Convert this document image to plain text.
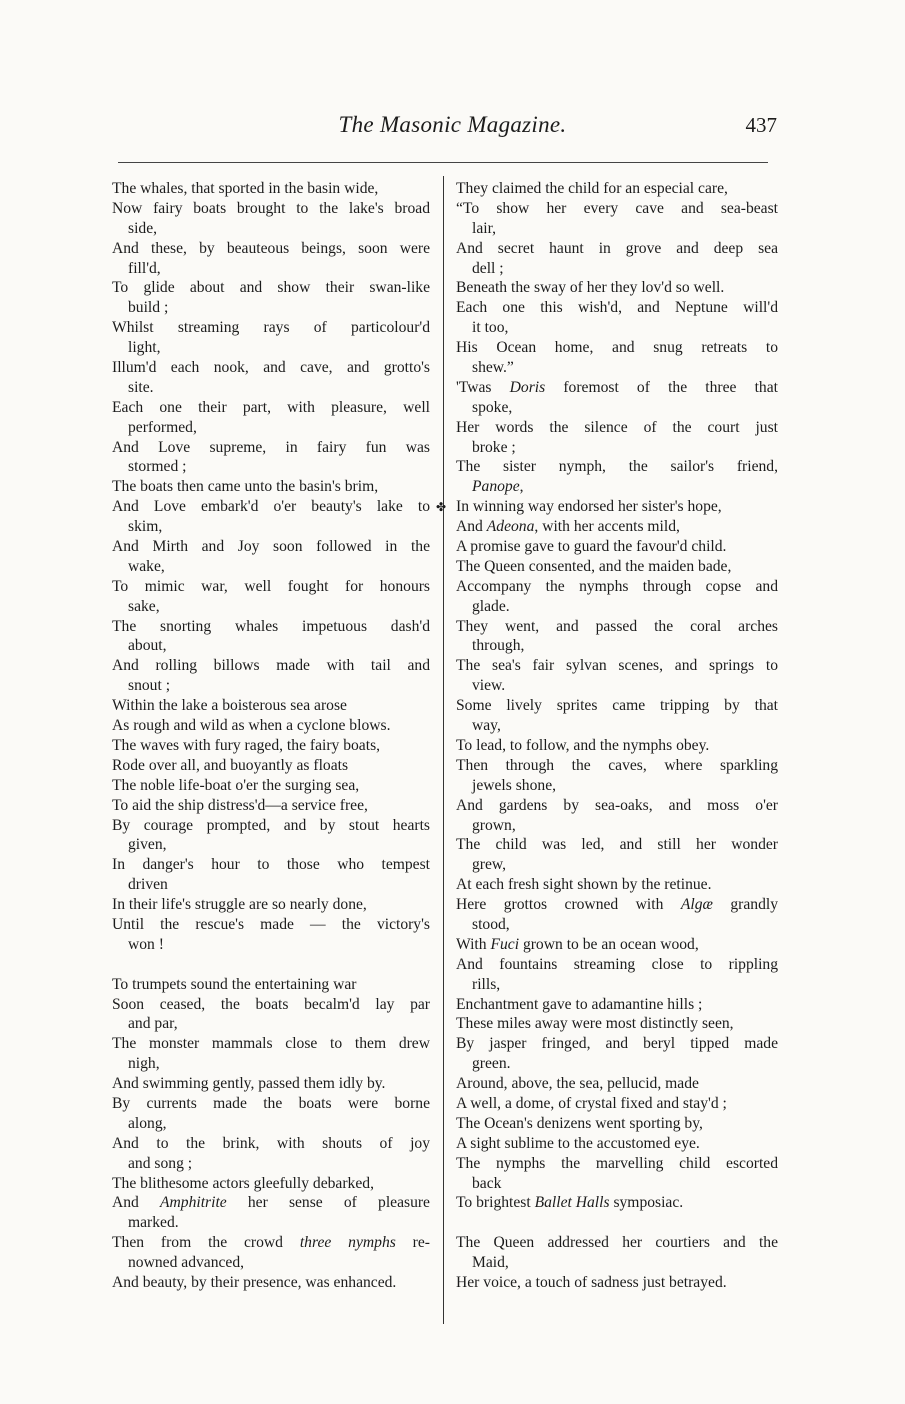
The Masonic Magazine.	437
✤
The whales, that sported in the basin wide,
Now fairy boats brought to the lake's broad
side,
And these, by beauteous beings, soon were
fill'd,
To glide about and show their swan-like
build ;
Whilst streaming rays of particolour'd
light,
Illum'd each nook, and cave, and grotto's
site.
Each one their part, with pleasure, well
performed,
And Love supreme, in fairy fun was
stormed ;
The boats then came unto the basin's brim,
And Love embark'd o'er beauty's lake to
skim,
And Mirth and Joy soon followed in the
wake,
To mimic war, well fought for honours
sake,
The snorting whales impetuous dash'd
about,
And rolling billows made with tail and
snout ;
Within the lake a boisterous sea arose
As rough and wild as when a cyclone blows.
The waves with fury raged, the fairy boats,
Rode over all, and buoyantly as floats
The noble life-boat o'er the surging sea,
To aid the ship distress'd—a service free,
By courage prompted, and by stout hearts
given,
In danger's hour to those who tempest
driven
In their life's struggle are so nearly done,
Until the rescue's made — the victory's
won !
To trumpets sound the entertaining war
Soon ceased, the boats becalm'd lay par
and par,
The monster mammals close to them drew
nigh,
And swimming gently, passed them idly by.
By currents made the boats were borne
along,
And to the brink, with shouts of joy
and song ;
The blithesome actors gleefully debarked,
And Amphitrite her sense of pleasure
marked.
Then from the crowd three nymphs re-
nowned advanced,
And beauty, by their presence, was enhanced.
They claimed the child for an especial care,
“To show her every cave and sea-beast
lair,
And secret haunt in grove and deep sea
dell ;
Beneath the sway of her they lov'd so well.
Each one this wish'd, and Neptune will'd
it too,
His Ocean home, and snug retreats to
shew.”
'Twas Doris foremost of the three that
spoke,
Her words the silence of the court just
broke ;
The sister nymph, the sailor's friend,
Panope,
In winning way endorsed her sister's hope,
And Adeona, with her accents mild,
A promise gave to guard the favour'd child.
The Queen consented, and the maiden bade,
Accompany the nymphs through copse and
glade.
They went, and passed the coral arches
through,
The sea's fair sylvan scenes, and springs to
view.
Some lively sprites came tripping by that
way,
To lead, to follow, and the nymphs obey.
Then through the caves, where sparkling
jewels shone,
And gardens by sea-oaks, and moss o'er
grown,
The child was led, and still her wonder
grew,
At each fresh sight shown by the retinue.
Here grottos crowned with Algæ grandly
stood,
With Fuci grown to be an ocean wood,
And fountains streaming close to rippling
rills,
Enchantment gave to adamantine hills ;
These miles away were most distinctly seen,
By jasper fringed, and beryl tipped made
green.
Around, above, the sea, pellucid, made
A well, a dome, of crystal fixed and stay'd ;
The Ocean's denizens went sporting by,
A sight sublime to the accustomed eye.
The nymphs the marvelling child escorted
back
To brightest Ballet Halls symposiac.
The Queen addressed her courtiers and the
Maid,
Her voice, a touch of sadness just betrayed.
